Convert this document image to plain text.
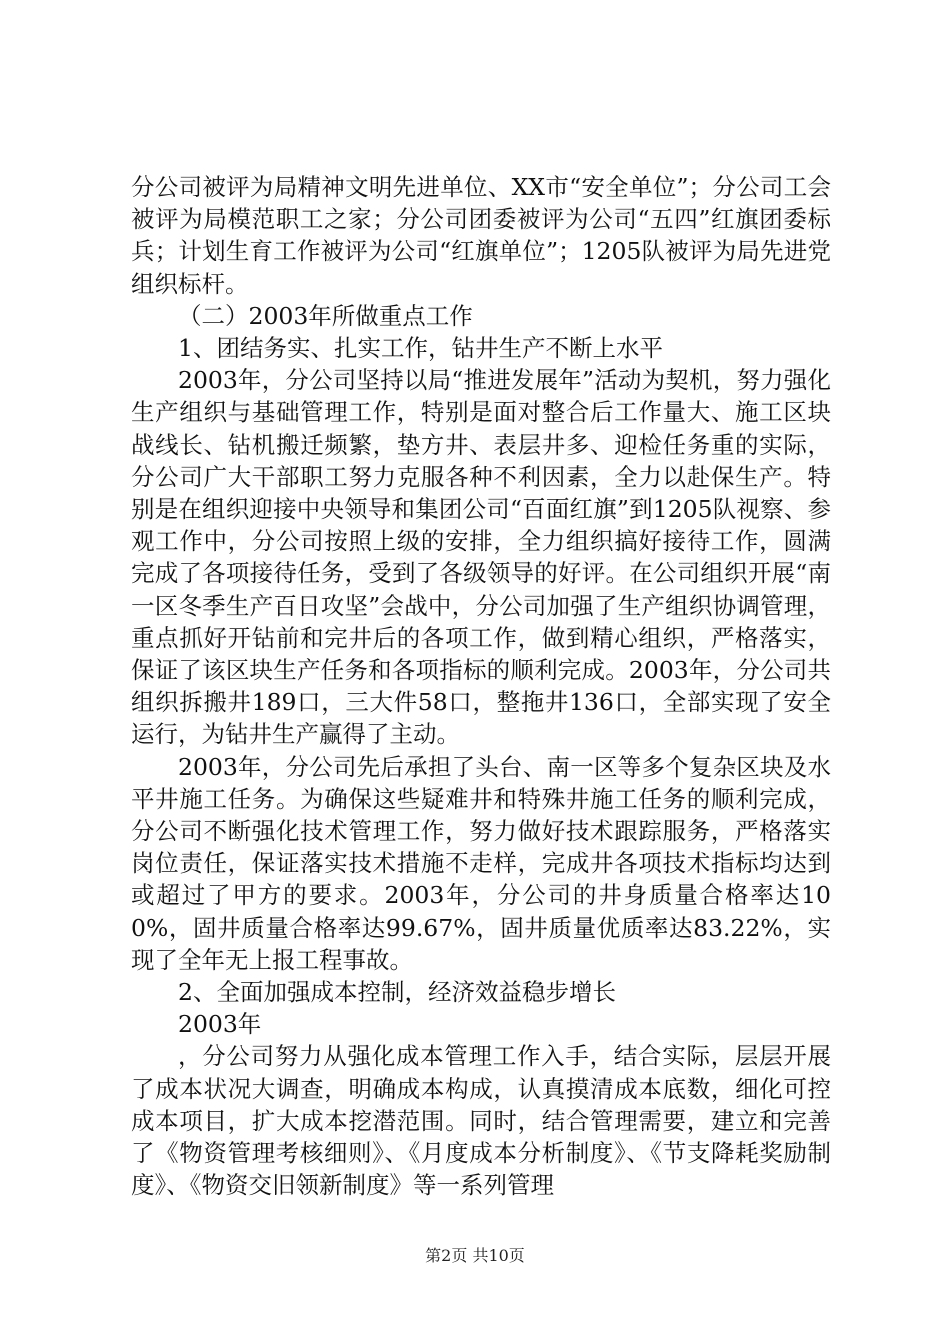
分公司被评为局精神文明先进单位、XX市“安全单位”；分公司工会被评为局模范职工之家；分公司团委被评为公司“五四”红旗团委标兵；计划生育工作被评为公司“红旗单位”；1205队被评为局先进党组织标杆。

（二）2003年所做重点工作

1、团结务实、扎实工作，钻井生产不断上水平

2003年，分公司坚持以局“推进发展年”活动为契机，努力强化生产组织与基础管理工作，特别是面对整合后工作量大、施工区块战线长、钻机搬迁频繁，垫方井、表层井多、迎检任务重的实际，分公司广大干部职工努力克服各种不利因素，全力以赴保生产。特别是在组织迎接中央领导和集团公司“百面红旗”到1205队视察、参观工作中，分公司按照上级的安排，全力组织搞好接待工作，圆满完成了各项接待任务，受到了各级领导的好评。在公司组织开展“南一区冬季生产百日攻坚”会战中，分公司加强了生产组织协调管理，重点抓好开钻前和完井后的各项工作，做到精心组织，严格落实，保证了该区块生产任务和各项指标的顺利完成。2003年，分公司共组织拆搬井189口，三大件58口，整拖井136口，全部实现了安全运行，为钻井生产赢得了主动。

2003年，分公司先后承担了头台、南一区等多个复杂区块及水平井施工任务。为确保这些疑难井和特殊井施工任务的顺利完成，分公司不断强化技术管理工作，努力做好技术跟踪服务，严格落实岗位责任，保证落实技术措施不走样，完成井各项技术指标均达到或超过了甲方的要求。2003年，分公司的井身质量合格率达100%，固井质量合格率达99.67%，固井质量优质率达83.22%，实现了全年无上报工程事故。

2、全面加强成本控制，经济效益稳步增长

2003年

，分公司努力从强化成本管理工作入手，结合实际，层层开展了成本状况大调查，明确成本构成，认真摸清成本底数，细化可控成本项目，扩大成本挖潜范围。同时，结合管理需要，建立和完善了《物资管理考核细则》、《月度成本分析制度》、《节支降耗奖励制度》、《物资交旧领新制度》等一系列管理

第2页 共10页
